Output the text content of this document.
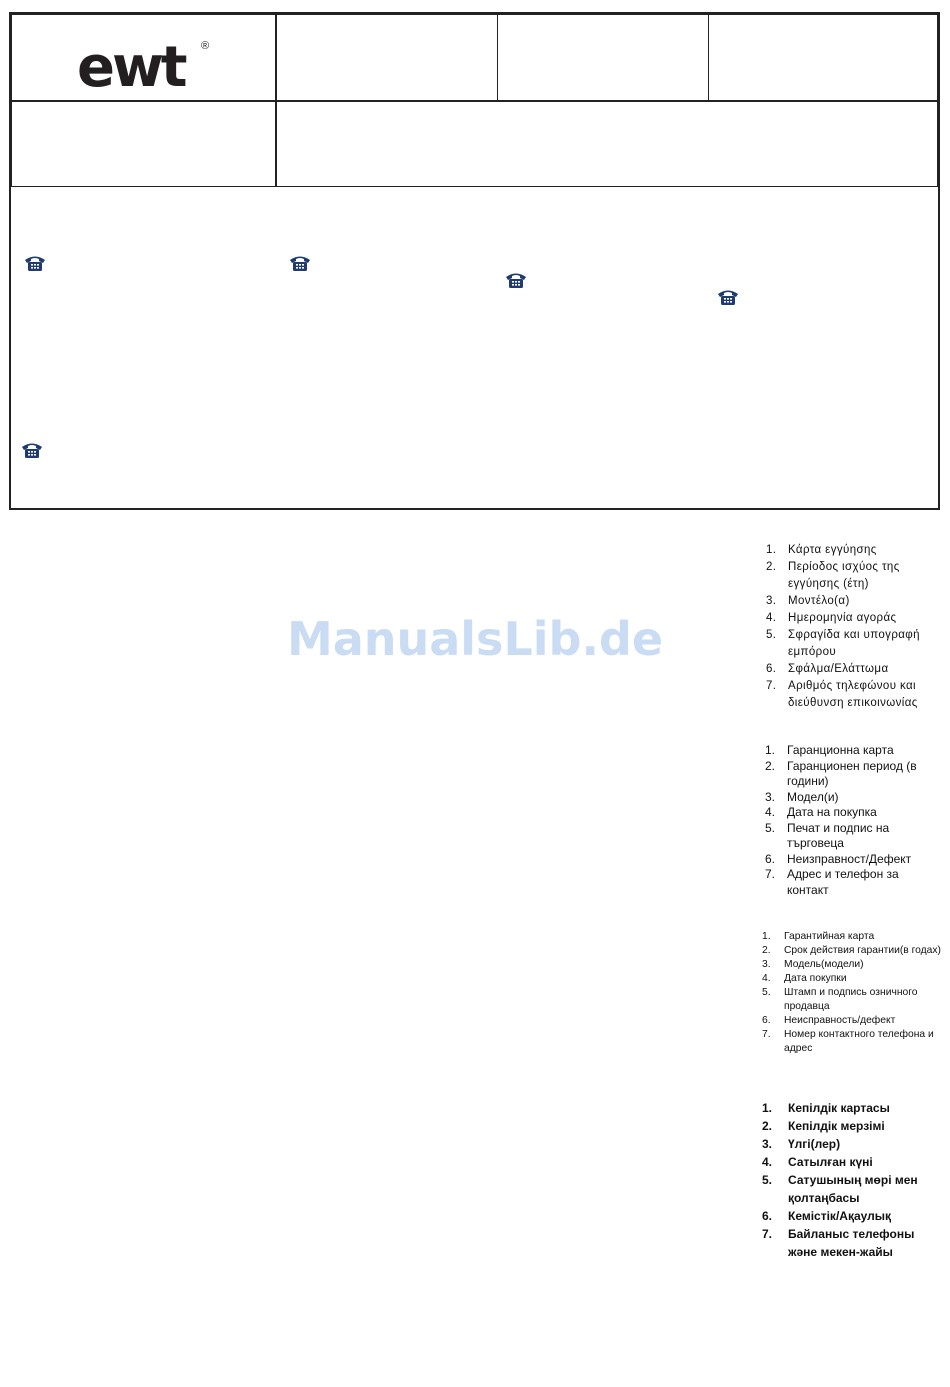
ewt ®
ManualsLib.de
1. Κάρτα εγγύησης
2. Περίοδος ισχύος της εγγύησης (έτη)
3. Μοντέλο(α)
4. Ημερομηνία αγοράς
5. Σφραγίδα και υπογραφή εμπόρου
6. Σφάλμα/Ελάττωμα
7. Αριθμός τηλεφώνου και διεύθυνση επικοινωνίας
1. Гаранционна карта
2. Гаранционен период (в години)
3. Модел(и)
4. Дата на покупка
5. Печат и подпис на търговеца
6. Неизправност/Дефект
7. Адрес и телефон за контакт
1. Гарантийная карта
2. Срок действия гарантии(в годах)
3. Модель(модели)
4. Дата покупки
5. Штамп и подпись озничного продавца
6. Неисправность/дефект
7. Номер контактного телефона и адрес
1. Кепілдік картасы
2. Кепілдік мерзімі
3. Үлгі(лер)
4. Сатылған күні
5. Сатушының мөрі мен қолтаңбасы
6. Кемістік/Ақаулық
7. Байланыс телефоны және мекен-жайы
